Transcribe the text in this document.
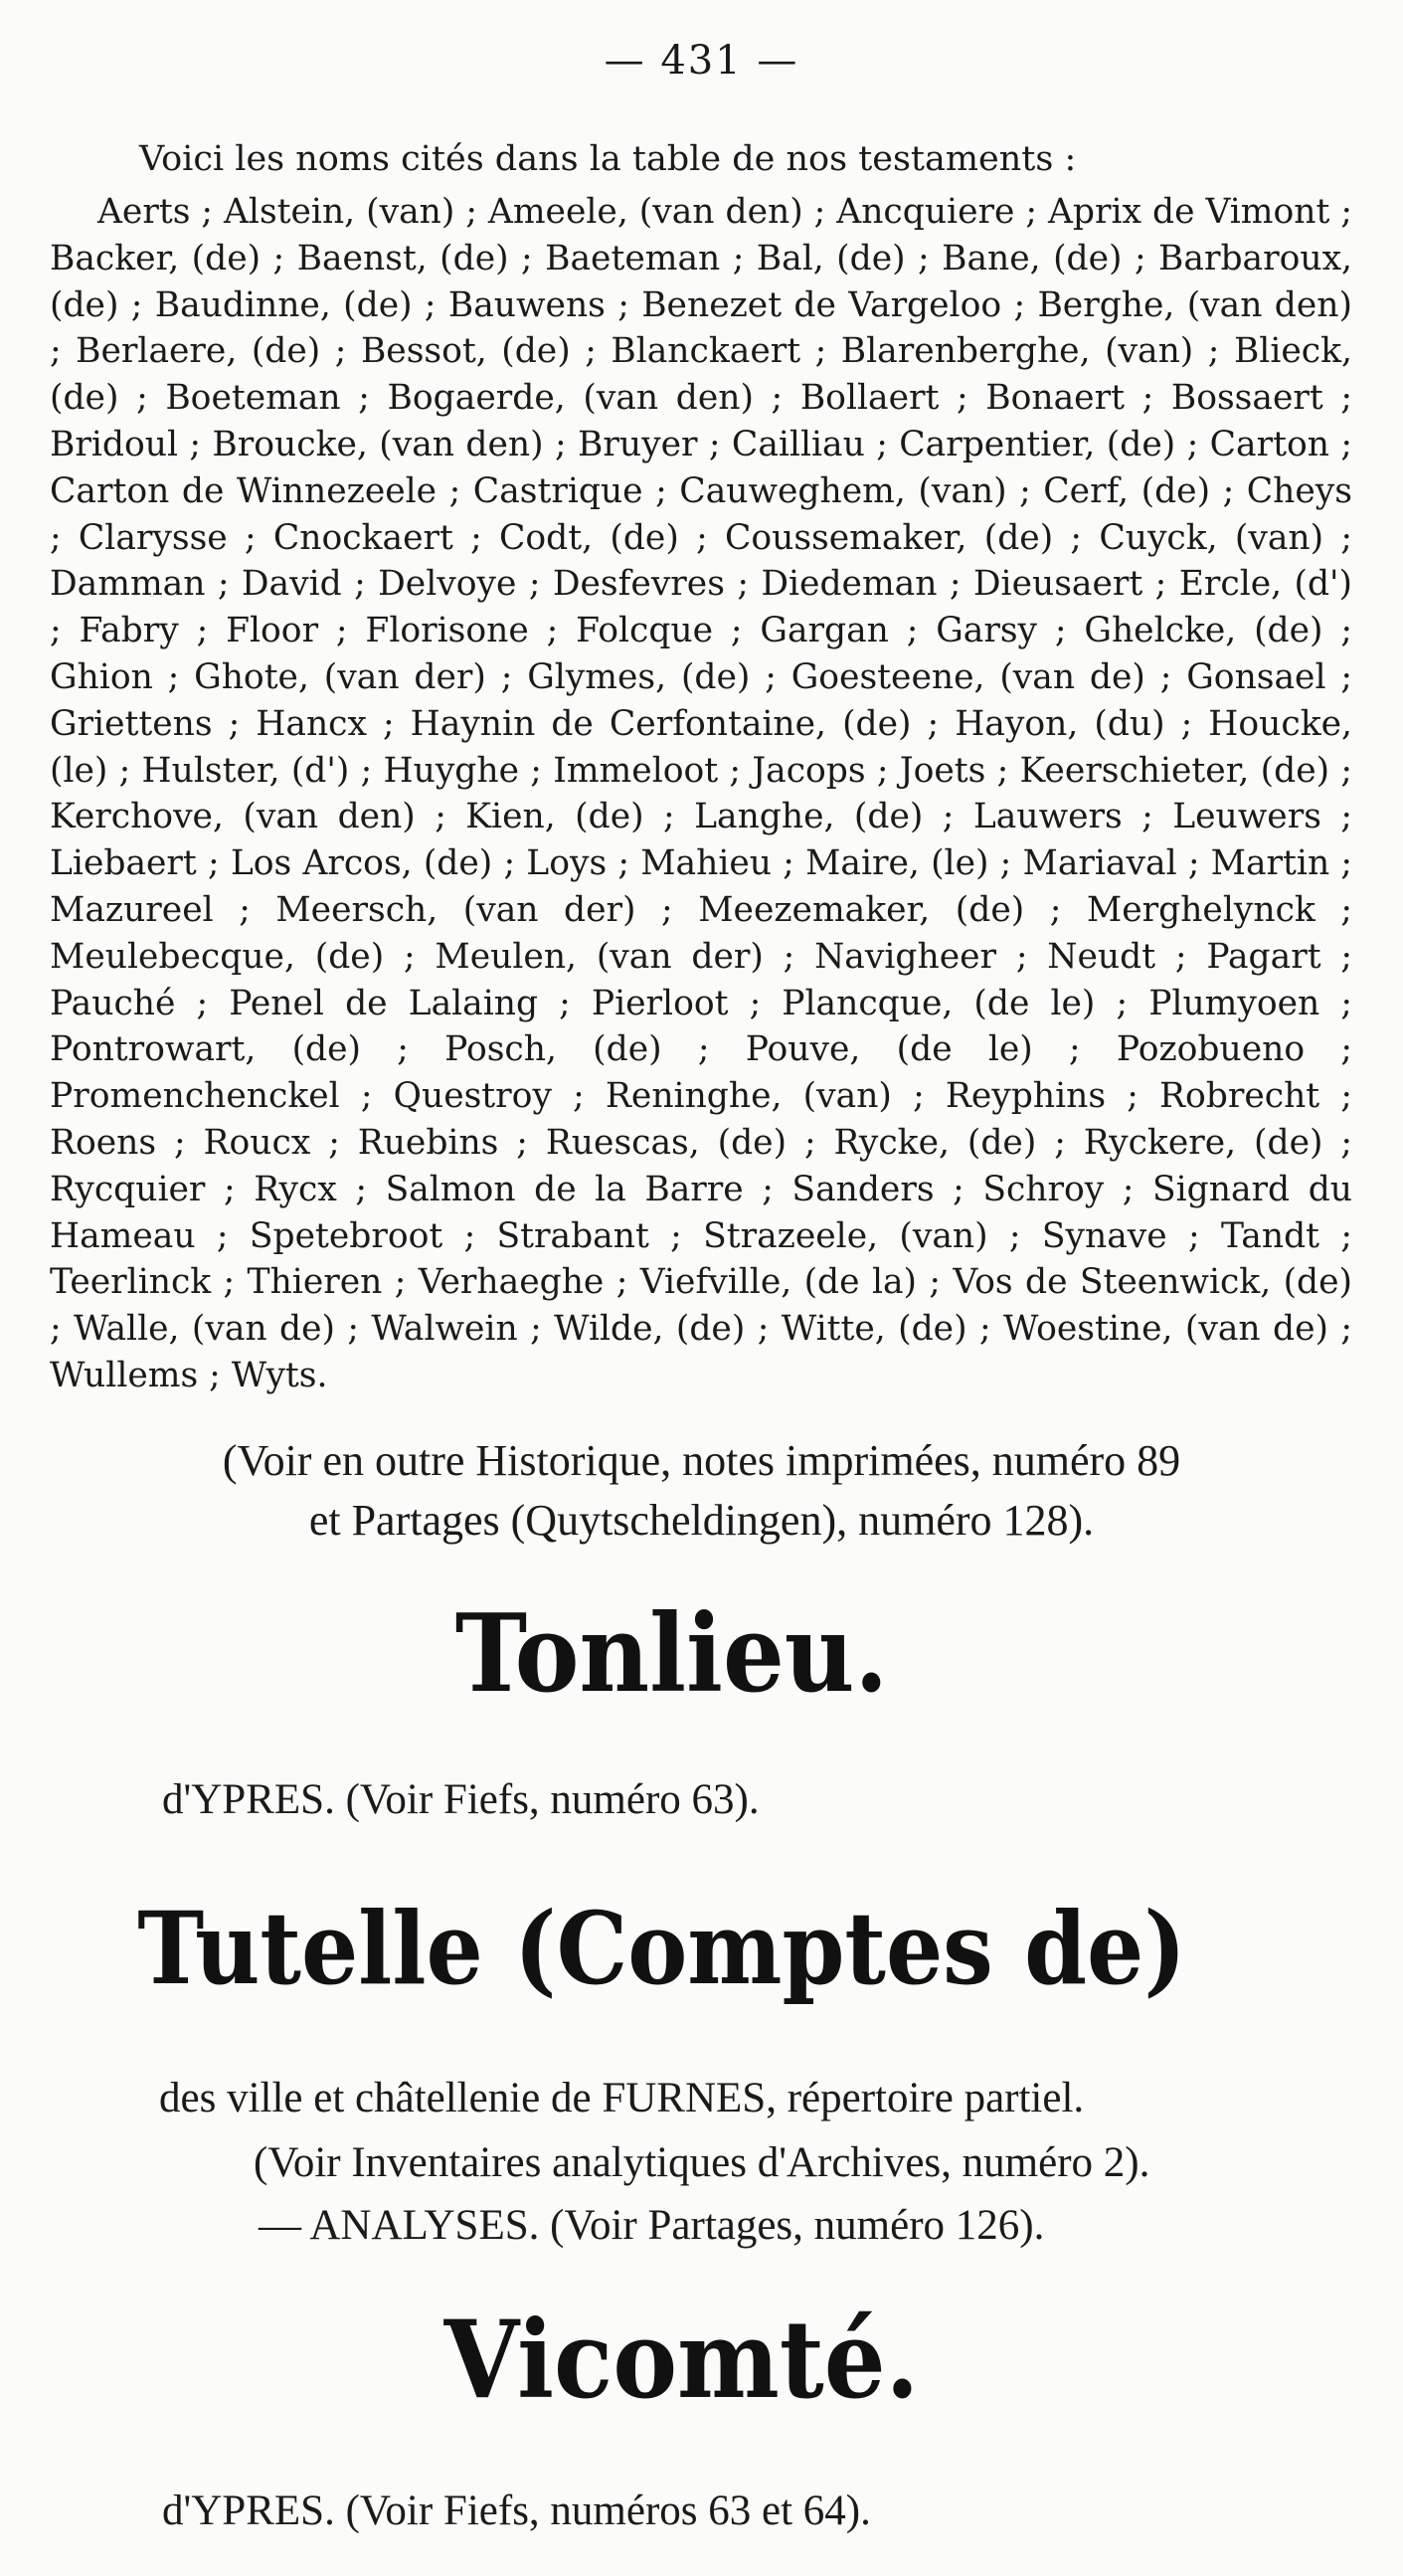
— 431 —
Voici les noms cités dans la table de nos testaments :

Aerts ; Alstein, (van) ; Ameele, (van den) ; Ancquiere ; Aprix de Vimont ; Backer, (de) ; Baenst, (de) ; Baeteman ; Bal, (de) ; Bane, (de) ; Barbaroux, (de) ; Baudinne, (de) ; Bauwens ; Benezet de Vargeloo ; Berghe, (van den) ; Berlaere, (de) ; Bessot, (de) ; Blanckaert ; Blarenberghe, (van) ; Blieck, (de) ; Boeteman ; Bogaerde, (van den) ; Bollaert ; Bonaert ; Bossaert ; Bridoul ; Broucke, (van den) ; Bruyer ; Cailliau ; Carpentier, (de) ; Carton ; Carton de Winnezeele ; Castrique ; Cauweghem, (van) ; Cerf, (de) ; Cheys ; Clarysse ; Cnockaert ; Codt, (de) ; Coussemaker, (de) ; Cuyck, (van) ; Damman ; David ; Delvoye ; Desfevres ; Diedeman ; Dieusaert ; Ercle, (d') ; Fabry ; Floor ; Florisone ; Folcque ; Gargan ; Garsy ; Ghelcke, (de) ; Ghion ; Ghote, (van der) ; Glymes, (de) ; Goesteene, (van de) ; Gonsael ; Griettens ; Hancx ; Haynin de Cerfontaine, (de) ; Hayon, (du) ; Houcke, (le) ; Hulster, (d') ; Huyghe ; Immeloot ; Jacops ; Joets ; Keerschieter, (de) ; Kerchove, (van den) ; Kien, (de) ; Langhe, (de) ; Lauwers ; Leuwers ; Liebaert ; Los Arcos, (de) ; Loys ; Mahieu ; Maire, (le) ; Mariaval ; Martin ; Mazureel ; Meersch, (van der) ; Meezemaker, (de) ; Merghelynck ; Meulebecque, (de) ; Meulen, (van der) ; Navigheer ; Neudt ; Pagart ; Pauché ; Penel de Lalaing ; Pierloot ; Plancque, (de le) ; Plumyoen ; Pontrowart, (de) ; Posch, (de) ; Pouve, (de le) ; Pozobueno ; Promenchenckel ; Questroy ; Reninghe, (van) ; Reyphins ; Robrecht ; Roens ; Roucx ; Ruebins ; Ruescas, (de) ; Rycke, (de) ; Ryckere, (de) ; Rycquier ; Rycx ; Salmon de la Barre ; Sanders ; Schroy ; Signard du Hameau ; Spetebroot ; Strabant ; Strazeele, (van) ; Synave ; Tandt ; Teerlinck ; Thieren ; Verhaeghe ; Viefville, (de la) ; Vos de Steenwick, (de) ; Walle, (van de) ; Walwein ; Wilde, (de) ; Witte, (de) ; Woestine, (van de) ; Wullems ; Wyts.

(Voir en outre Historique, notes imprimées, numéro 89
et Partages (Quytscheldingen), numéro 128).
Tonlieu.
d'YPRES. (Voir Fiefs, numéro 63).
Tutelle (Comptes de)
des ville et châtellenie de FURNES, répertoire partiel.
(Voir Inventaires analytiques d'Archives, numéro 2).
— ANALYSES. (Voir Partages, numéro 126).
Vicomté.
d'YPRES. (Voir Fiefs, numéros 63 et 64).
